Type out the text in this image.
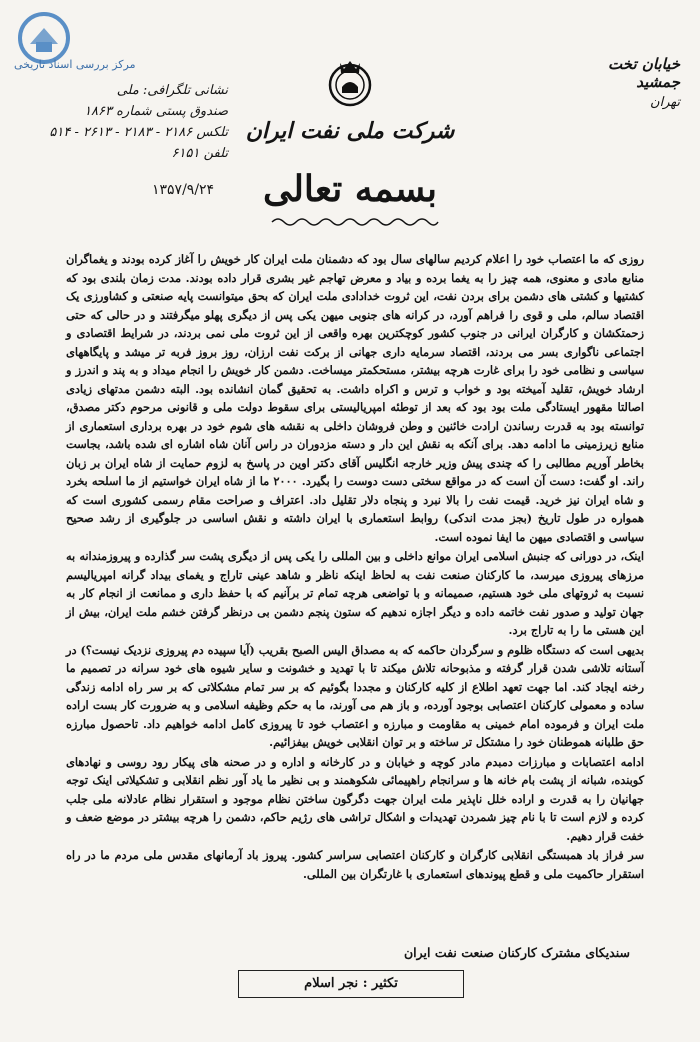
مرکز بررسی اسناد تاریخی	خیابان تخت جمشید
تهران
نشانی تلگرافی: ملی
صندوق پستی شماره ۱۸۶۳
تلکس ۲۱۸۶ - ۲۱۸۳ - ۲۶۱۳ - ۵۱۴
تلفن ۶۱۵۱
شرکت ملی نفت ایران
۱۳۵۷/۹/۲۴	بسمه تعالی

روزی که ما اعتصاب خود را اعلام کردیم سالهای سال بود که دشمنان ملت ایران کار خویش را آغاز کرده بودند و یغماگران منابع مادی و معنوی، همه چیز را به یغما برده و بیاد و معرض تهاجم غیر بشری قرار داده بودند. مدت زمان بلندی بود که کشتیها و کشتی های دشمن برای بردن نفت، این ثروت خدادادی ملت ایران که بحق میتوانست پایه صنعتی و کشاورزی یک اقتصاد سالم، ملی و قوی را فراهم آورد، در کرانه های جنوبی میهن یکی پس از دیگری پهلو میگرفتند و در حالی که حتی زحمتکشان و کارگران ایرانی در جنوب کشور کوچکترین بهره واقعی از این ثروت ملی نمی بردند، در شرایط اقتصادی و اجتماعی ناگواری بسر می بردند، اقتصاد سرمایه داری جهانی از برکت نفت ارزان، روز بروز فربه تر میشد و پایگاههای سیاسی و نظامی خود را برای غارت هرچه بیشتر، مستحکمتر میساخت. دشمن کار خویش را انجام میداد و به پند و اندرز و ارشاد خویش، تقلید آمیخته بود و خواب و ترس و اکراه داشت. به تحقیق گمان انشانده بود. البته دشمن مدتهای زیادی اصالتا مقهور ایستادگی ملت بود بود که بعد از توطئه امپریالیستی برای سقوط دولت ملی و قانونی مرحوم دکتر مصدق، توانسته بود به قدرت رساندن ارادت خائنین و وطن فروشان داخلی به نقشه های شوم خود در بهره برداری استعماری از منابع زیرزمینی ما ادامه دهد. برای آنکه به نقش این دار و دسته مزدوران در راس آنان شاه اشاره ای شده باشد، بجاست بخاطر آوریم مطالبی را که چندی پیش وزیر خارجه انگلیس آقای دکتر اوین در پاسخ به لزوم حمایت از شاه ایران بر زبان راند. او گفت: دست آن است که در مواقع سختی دست دوست را بگیرد. ۲۰۰۰ ما از شاه ایران خواستیم از ما اسلحه بخرد و شاه ایران نیز خرید. قیمت نفت را بالا نبرد و پنجاه دلار تقلیل داد. اعتراف و صراحت مقام رسمی کشوری است که همواره در طول تاریخ (بجز مدت اندکی) روابط استعماری با ایران داشته و نقش اساسی در جلوگیری از رشد صحیح سیاسی و اقتصادی میهن ما ایفا نموده است.

اینک، در دورانی که جنبش اسلامی ایران موانع داخلی و بین المللی را یکی پس از دیگری پشت سر گذارده و پیروزمندانه به مرزهای پیروزی میرسد، ما کارکنان صنعت نفت به لحاظ اینکه ناظر و شاهد عینی تاراج و یغمای بیداد گرانه امپریالیسم نسبت به ثروتهای ملی خود هستیم، صمیمانه و با تواضعی هرچه تمام تر برآنیم که با حفظ داری و ممانعت از انجام کار به جهان تولید و صدور نفت خاتمه داده و دیگر اجازه ندهیم که ستون پنجم دشمن بی درنظر گرفتن خشم ملت ایران، بیش از این هستی ما را به تاراج برد.

بدیهی است که دستگاه ظلوم و سرگردان حاکمه که به مصداق الیس الصبح بقریب (آیا سپیده دم پیروزی نزدیک نیست؟) در آستانه تلاشی شدن قرار گرفته و مذبوحانه تلاش میکند تا با تهدید و خشونت و سایر شیوه های خود سرانه در تصمیم ما رخنه ایجاد کند. اما جهت تعهد اطلاع از کلیه کارکنان و مجددا بگوئیم که بر سر تمام مشکلاتی که بر سر راه ادامه زندگی ساده و معمولی کارکنان اعتصابی بوجود آورده، و باز هم می آورند، ما به حکم وظیفه اسلامی و به ضرورت کار بست اراده ملت ایران و فرموده امام خمینی به مقاومت و مبارزه و اعتصاب خود تا پیروزی کامل ادامه خواهیم داد. تاحصول مبارزه حق طلبانه هموطنان خود را مشتکل تر ساخته و بر توان انقلابی خویش بیفزائیم.

ادامه اعتصابات و مبارزات دمبدم مادر کوچه و خیابان و در کارخانه و اداره و در صحنه های پیکار رود روسی و نهادهای کوبنده، شبانه از پشت بام خانه ها و سرانجام راهپیمائی شکوهمند و بی نظیر ما یاد آور نظم انقلابی و تشکیلاتی اینک توجه جهانیان را به قدرت و اراده خلل ناپذیر ملت ایران جهت دگرگون ساختن نظام موجود و استقرار نظام عادلانه ملی جلب کرده و لازم است تا با نام چیز شمردن تهدیدات و اشکال تراشی های رژیم حاکم، دشمن را هرچه بیشتر در موضع ضعف و خفت قرار دهیم.

سر فراز باد همبستگی انقلابی کارگران و کارکنان اعتصابی سراسر کشور. پیروز باد آرمانهای مقدس ملی مردم ما در راه استقرار حاکمیت ملی و قطع پیوندهای استعماری با غارتگران بین المللی.

تکثیر : نجر اسلام
سندیکای مشترک کارکنان صنعت نفت ایران
